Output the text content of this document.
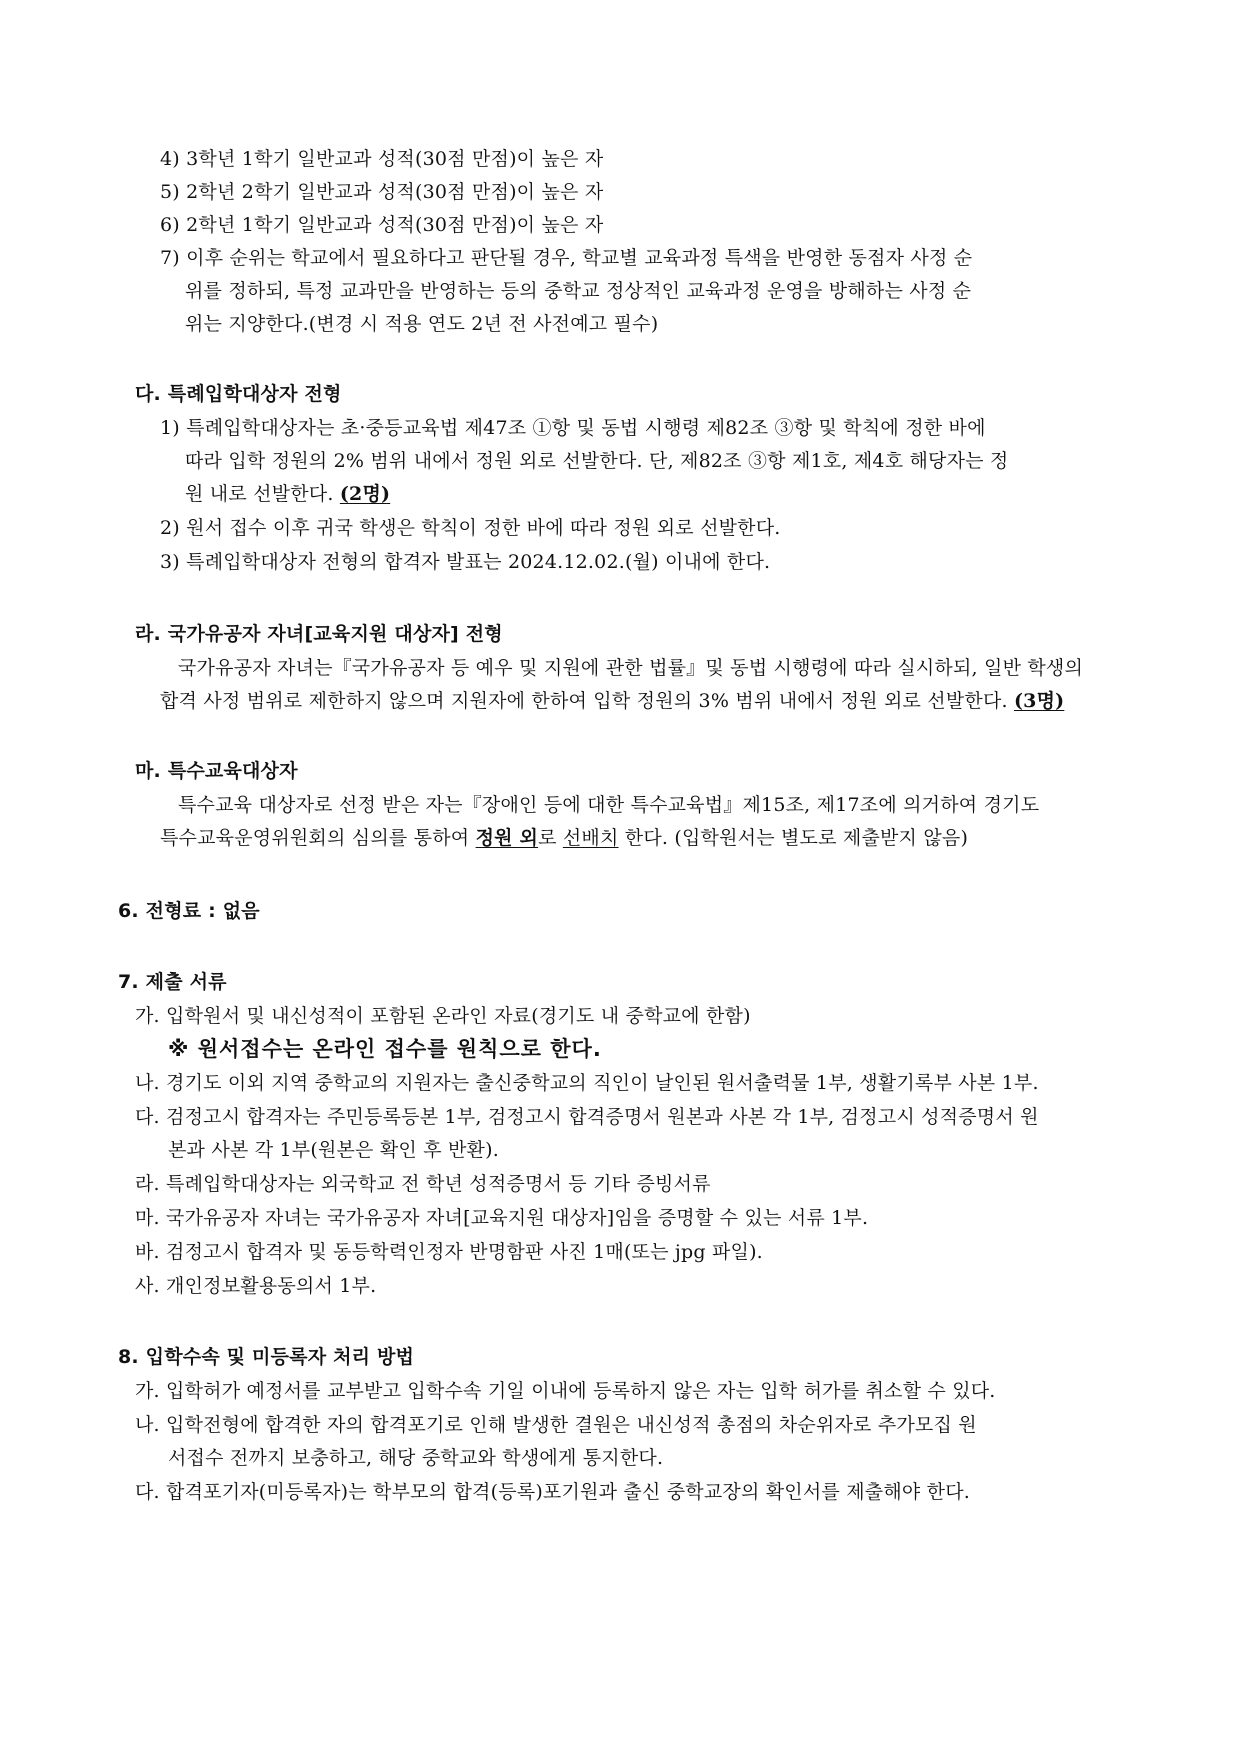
4) 3학년 1학기 일반교과 성적(30점 만점)이 높은 자
5) 2학년 2학기 일반교과 성적(30점 만점)이 높은 자
6) 2학년 1학기 일반교과 성적(30점 만점)이 높은 자
7) 이후 순위는 학교에서 필요하다고 판단될 경우, 학교별 교육과정 특색을 반영한 동점자 사정 순
위를 정하되, 특정 교과만을 반영하는 등의 중학교 정상적인 교육과정 운영을 방해하는 사정 순
위는 지양한다.(변경 시 적용 연도 2년 전 사전예고 필수)
다. 특례입학대상자 전형
1) 특례입학대상자는 초·중등교육법 제47조 ①항 및 동법 시행령 제82조 ③항 및 학칙에 정한 바에
따라 입학 정원의 2% 범위 내에서 정원 외로 선발한다. 단, 제82조 ③항 제1호, 제4호 해당자는 정
원 내로 선발한다. (2명)
2) 원서 접수 이후 귀국 학생은 학칙이 정한 바에 따라 정원 외로 선발한다.
3) 특례입학대상자 전형의 합격자 발표는 2024.12.02.(월) 이내에 한다.
라. 국가유공자 자녀[교육지원 대상자] 전형
국가유공자 자녀는『국가유공자 등 예우 및 지원에 관한 법률』및 동법 시행령에 따라 실시하되, 일반 학생의
합격 사정 범위로 제한하지 않으며 지원자에 한하여 입학 정원의 3% 범위 내에서 정원 외로 선발한다. (3명)
마. 특수교육대상자
특수교육 대상자로 선정 받은 자는『장애인 등에 대한 특수교육법』제15조, 제17조에 의거하여 경기도
특수교육운영위원회의 심의를 통하여 정원 외로 선배치 한다. (입학원서는 별도로 제출받지 않음)
6. 전형료 : 없음
7. 제출 서류
가. 입학원서 및 내신성적이 포함된 온라인 자료(경기도 내 중학교에 한함)
※ 원서접수는 온라인 접수를 원칙으로 한다.
나. 경기도 이외 지역 중학교의 지원자는 출신중학교의 직인이 날인된 원서출력물 1부, 생활기록부 사본 1부.
다. 검정고시 합격자는 주민등록등본 1부, 검정고시 합격증명서 원본과 사본 각 1부, 검정고시 성적증명서 원
본과 사본 각 1부(원본은 확인 후 반환).
라. 특례입학대상자는 외국학교 전 학년 성적증명서 등 기타 증빙서류
마. 국가유공자 자녀는 국가유공자 자녀[교육지원 대상자]임을 증명할 수 있는 서류 1부.
바. 검정고시 합격자 및 동등학력인정자 반명함판 사진 1매(또는 jpg 파일).
사. 개인정보활용동의서 1부.
8. 입학수속 및 미등록자 처리 방법
가. 입학허가 예정서를 교부받고 입학수속 기일 이내에 등록하지 않은 자는 입학 허가를 취소할 수 있다.
나. 입학전형에 합격한 자의 합격포기로 인해 발생한 결원은 내신성적 총점의 차순위자로 추가모집 원
서접수 전까지 보충하고, 해당 중학교와 학생에게 통지한다.
다. 합격포기자(미등록자)는 학부모의 합격(등록)포기원과 출신 중학교장의 확인서를 제출해야 한다.
